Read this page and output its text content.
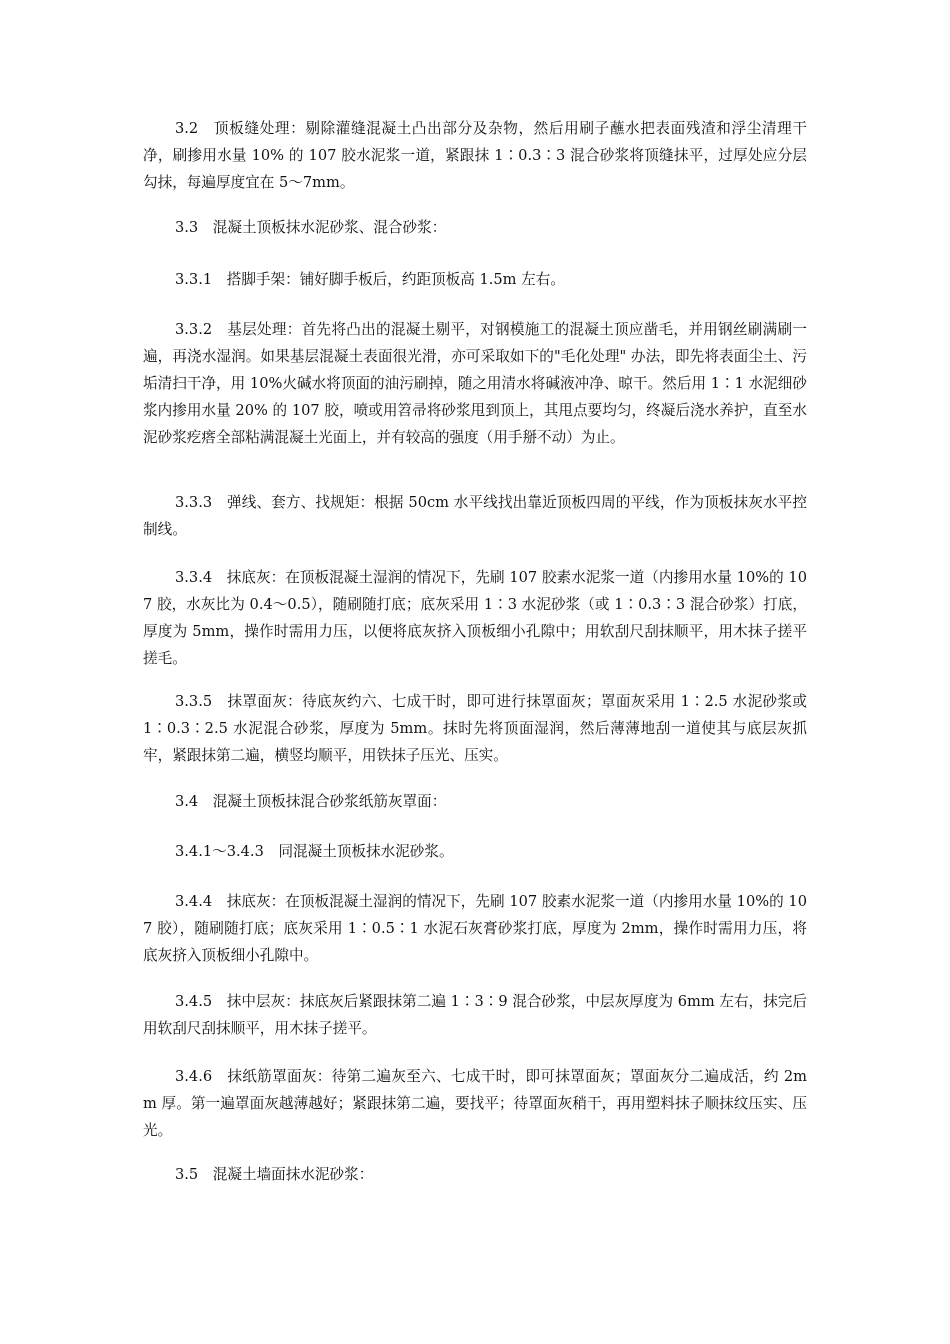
3.2　顶板缝处理：剔除灌缝混凝土凸出部分及杂物，然后用刷子蘸水把表面残渣和浮尘清理干净，刷掺用水量 10% 的 107 胶水泥浆一道，紧跟抹 1∶0.3∶3 混合砂浆将顶缝抹平，过厚处应分层勾抹，每遍厚度宜在 5～7mm。

3.3　混凝土顶板抹水泥砂浆、混合砂浆：

3.3.1　搭脚手架：铺好脚手板后，约距顶板高 1.5m 左右。

3.3.2　基层处理：首先将凸出的混凝土剔平，对钢模施工的混凝土顶应凿毛，并用钢丝刷满刷一遍，再浇水湿润。如果基层混凝土表面很光滑，亦可采取如下的"毛化处理" 办法，即先将表面尘土、污垢清扫干净，用 10%火碱水将顶面的油污刷掉，随之用清水将碱液冲净、晾干。然后用 1∶1 水泥细砂浆内掺用水量 20% 的 107 胶，喷或用笤帚将砂浆甩到顶上，其甩点要均匀，终凝后浇水养护，直至水泥砂浆疙瘩全部粘满混凝土光面上，并有较高的强度（用手掰不动）为止。

3.3.3　弹线、套方、找规矩：根据 50cm 水平线找出靠近顶板四周的平线，作为顶板抹灰水平控制线。

3.3.4　抹底灰：在顶板混凝土湿润的情况下，先刷 107 胶素水泥浆一道（内掺用水量 10%的 107 胶，水灰比为 0.4～0.5），随刷随打底；底灰采用 1∶3 水泥砂浆（或 1∶0.3∶3 混合砂浆）打底，厚度为 5mm，操作时需用力压，以便将底灰挤入顶板细小孔隙中；用软刮尺刮抹顺平，用木抹子搓平搓毛。

3.3.5　抹罩面灰：待底灰约六、七成干时，即可进行抹罩面灰；罩面灰采用 1∶2.5 水泥砂浆或 1∶0.3∶2.5 水泥混合砂浆，厚度为 5mm。抹时先将顶面湿润，然后薄薄地刮一道使其与底层灰抓牢，紧跟抹第二遍，横竖均顺平，用铁抹子压光、压实。

3.4　混凝土顶板抹混合砂浆纸筋灰罩面：

3.4.1～3.4.3　同混凝土顶板抹水泥砂浆。

3.4.4　抹底灰：在顶板混凝土湿润的情况下，先刷 107 胶素水泥浆一道（内掺用水量 10%的 107 胶），随刷随打底；底灰采用 1∶0.5∶1 水泥石灰膏砂浆打底，厚度为 2mm，操作时需用力压，将底灰挤入顶板细小孔隙中。

3.4.5　抹中层灰：抹底灰后紧跟抹第二遍 1∶3∶9 混合砂浆，中层灰厚度为 6mm 左右，抹完后用软刮尺刮抹顺平，用木抹子搓平。

3.4.6　抹纸筋罩面灰：待第二遍灰至六、七成干时，即可抹罩面灰；罩面灰分二遍成活，约 2mm 厚。第一遍罩面灰越薄越好；紧跟抹第二遍，要找平；待罩面灰稍干，再用塑料抹子顺抹纹压实、压光。

3.5　混凝土墙面抹水泥砂浆：
